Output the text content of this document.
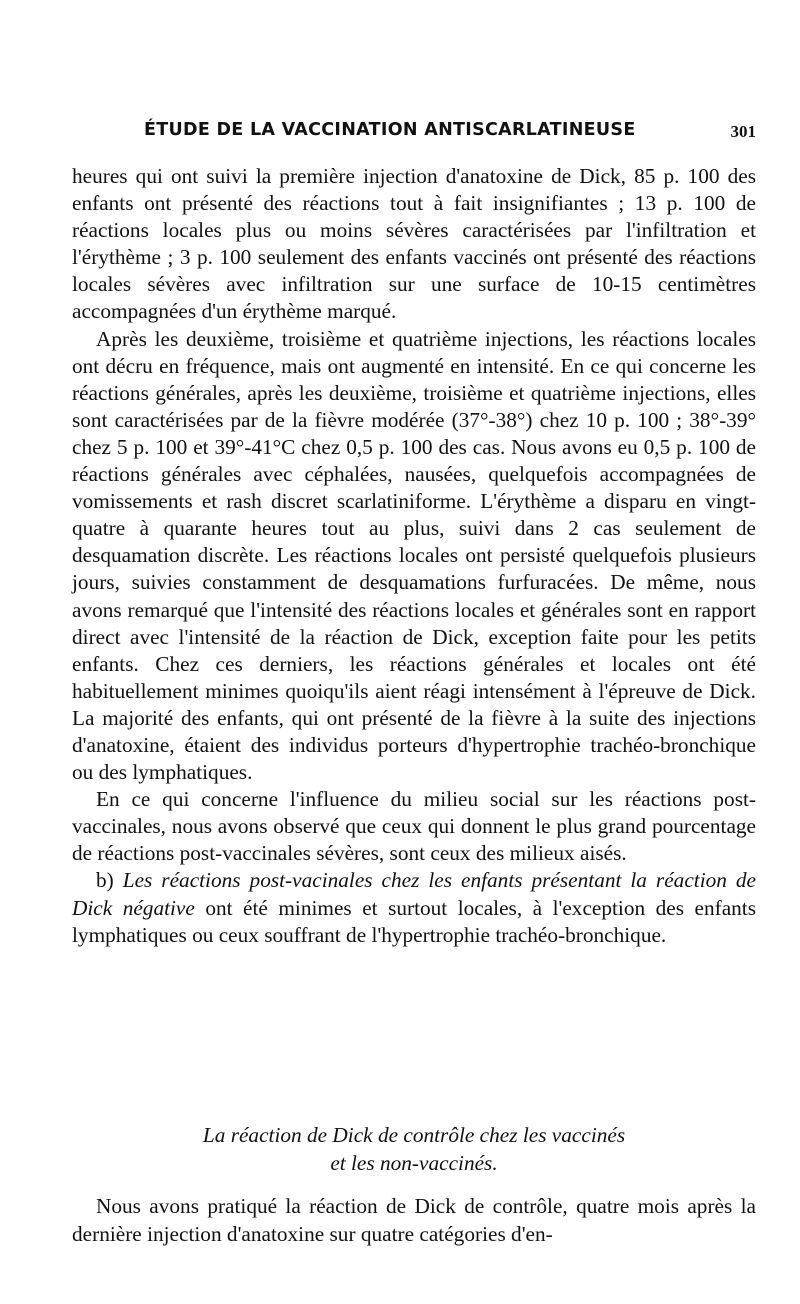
ÉTUDE DE LA VACCINATION ANTISCARLATINEUSE	301

heures qui ont suivi la première injection d'anatoxine de Dick, 85 p. 100 des enfants ont présenté des réactions tout à fait insignifiantes ; 13 p. 100 de réactions locales plus ou moins sévères caractérisées par l'infiltration et l'érythème ; 3 p. 100 seulement des enfants vaccinés ont présenté des réactions locales sévères avec infiltration sur une surface de 10-15 centimètres accompagnées d'un érythème marqué.

Après les deuxième, troisième et quatrième injections, les réactions locales ont décru en fréquence, mais ont augmenté en intensité. En ce qui concerne les réactions générales, après les deuxième, troisième et quatrième injections, elles sont caractérisées par de la fièvre modérée (37°-38°) chez 10 p. 100 ; 38°-39° chez 5 p. 100 et 39°-41°C chez 0,5 p. 100 des cas. Nous avons eu 0,5 p. 100 de réactions générales avec céphalées, nausées, quelquefois accompagnées de vomissements et rash discret scarlatiniforme. L'érythème a disparu en vingt-quatre à quarante heures tout au plus, suivi dans 2 cas seulement de desquamation discrète. Les réactions locales ont persisté quelquefois plusieurs jours, suivies constamment de desquamations furfuracées. De même, nous avons remarqué que l'intensité des réactions locales et générales sont en rapport direct avec l'intensité de la réaction de Dick, exception faite pour les petits enfants. Chez ces derniers, les réactions générales et locales ont été habituellement minimes quoiqu'ils aient réagi intensément à l'épreuve de Dick. La majorité des enfants, qui ont présenté de la fièvre à la suite des injections d'anatoxine, étaient des individus porteurs d'hypertrophie trachéo-bronchique ou des lymphatiques.

En ce qui concerne l'influence du milieu social sur les réactions post-vaccinales, nous avons observé que ceux qui donnent le plus grand pourcentage de réactions post-vaccinales sévères, sont ceux des milieux aisés.

b) Les réactions post-vacinales chez les enfants présentant la réaction de Dick négative ont été minimes et surtout locales, à l'exception des enfants lymphatiques ou ceux souffrant de l'hypertrophie trachéo-bronchique.

La réaction de Dick de contrôle chez les vaccinés
et les non-vaccinés.

Nous avons pratiqué la réaction de Dick de contrôle, quatre mois après la dernière injection d'anatoxine sur quatre catégories d'en-
